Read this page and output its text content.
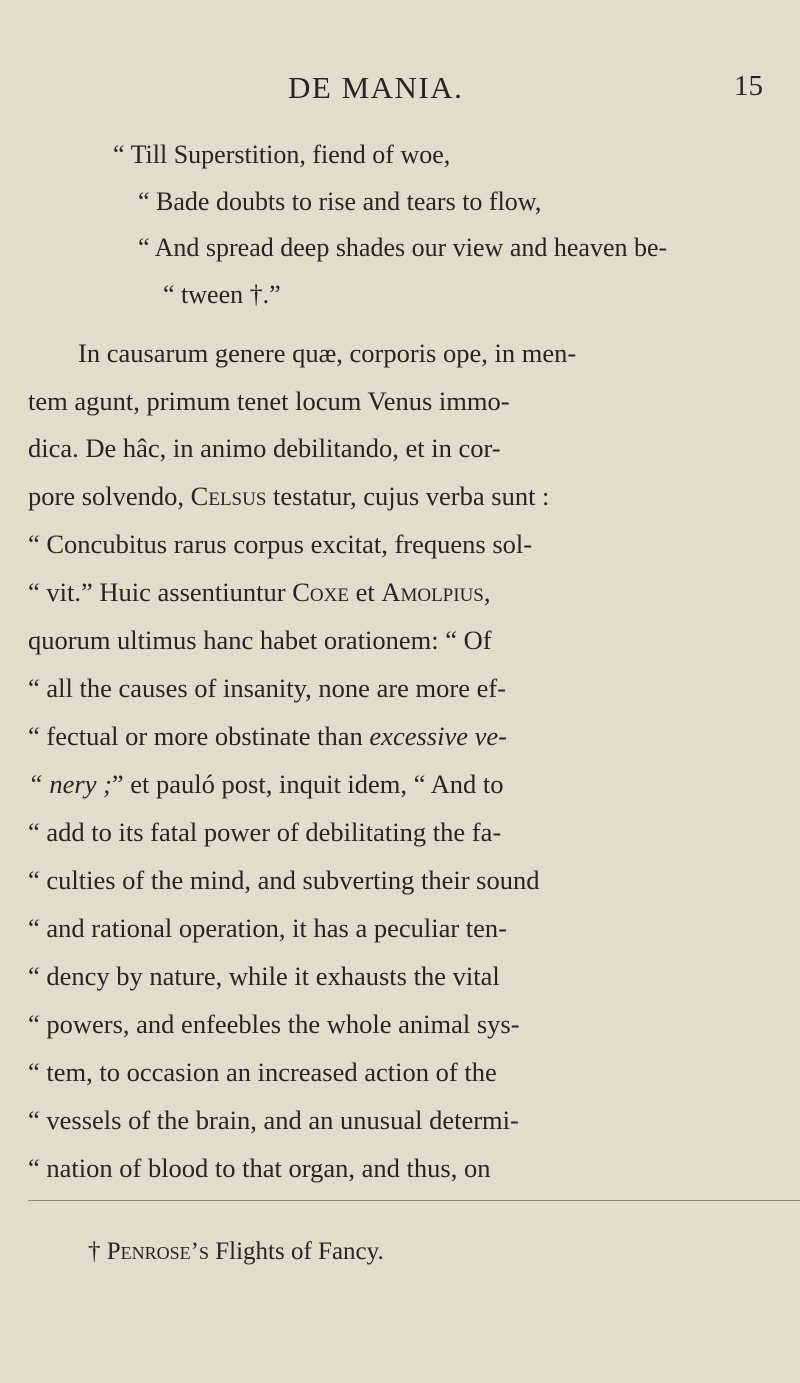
DE MANIA.	15
“ Till Superstition, fiend of woe,
“ Bade doubts to rise and tears to flow,
“ And spread deep shades our view and heaven be-
“ tween †.”
In causarum genere quæ, corporis ope, in men-
tem agunt, primum tenet locum Venus immo-
dica. De hâc, in animo debilitando, et in cor-
pore solvendo, Celsus testatur, cujus verba sunt :
“ Concubitus rarus corpus excitat, frequens sol-
“ vit.” Huic assentiuntur Coxe et Amolpius,
quorum ultimus hanc habet orationem: “ Of
“ all the causes of insanity, none are more ef-
“ fectual or more obstinate than excessive ve-
“ nery ;” et pauló post, inquit idem, “ And to
“ add to its fatal power of debilitating the fa-
“ culties of the mind, and subverting their sound
“ and rational operation, it has a peculiar ten-
“ dency by nature, while it exhausts the vital
“ powers, and enfeebles the whole animal sys-
“ tem, to occasion an increased action of the
“ vessels of the brain, and an unusual determi-
“ nation of blood to that organ, and thus, on
† Penrose’s Flights of Fancy.
